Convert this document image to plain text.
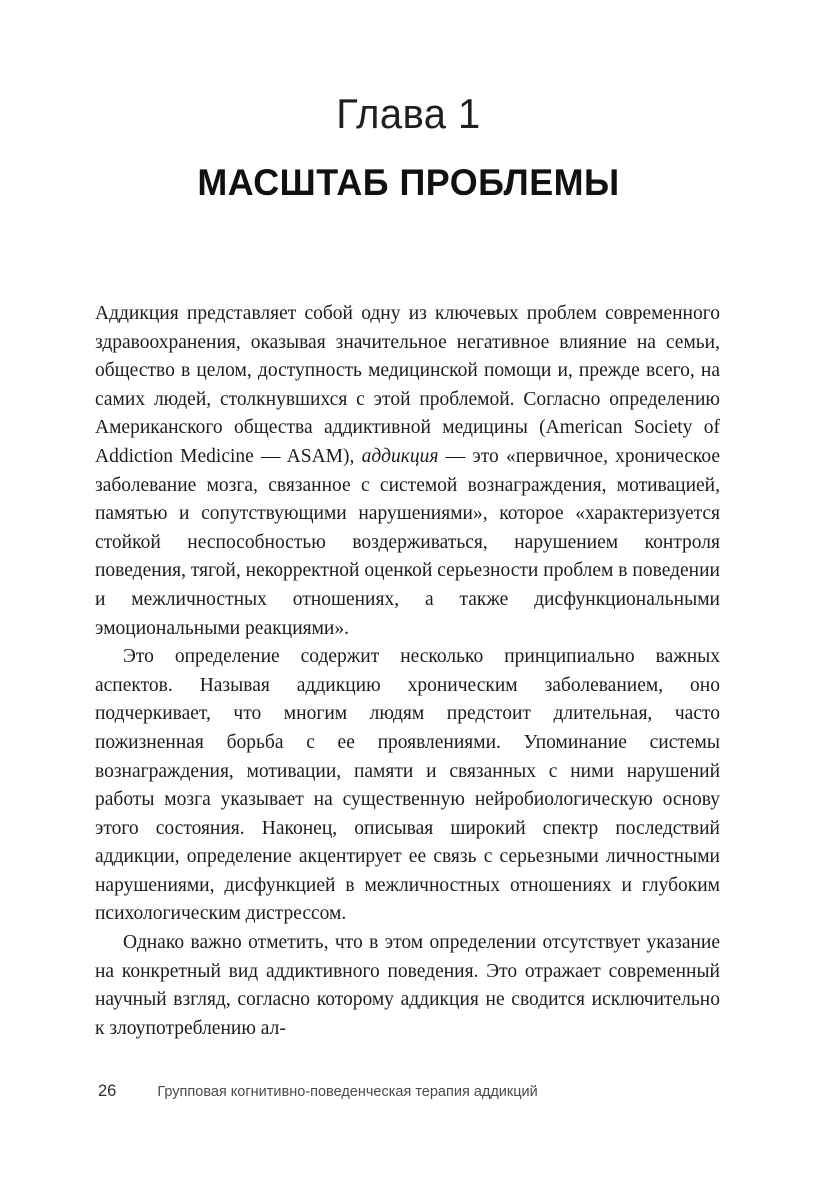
Глава 1
МАСШТАБ ПРОБЛЕМЫ

Аддикция представляет собой одну из ключевых проблем современного здравоохранения, оказывая значительное негативное влияние на семьи, общество в целом, доступность медицинской помощи и, прежде всего, на самих людей, столкнувшихся с этой проблемой. Согласно определению Американского общества аддиктивной медицины (American Society of Addiction Medicine — ASAM), аддикция — это «первичное, хроническое заболевание мозга, связанное с системой вознаграждения, мотивацией, памятью и сопутствующими нарушениями», которое «характеризуется стойкой неспособностью воздерживаться, нарушением контроля поведения, тягой, некорректной оценкой серьезности проблем в поведении и межличностных отношениях, а также дисфункциональными эмоциональными реакциями».

Это определение содержит несколько принципиально важных аспектов. Называя аддикцию хроническим заболеванием, оно подчеркивает, что многим людям предстоит длительная, часто пожизненная борьба с ее проявлениями. Упоминание системы вознаграждения, мотивации, памяти и связанных с ними нарушений работы мозга указывает на существенную нейробиологическую основу этого состояния. Наконец, описывая широкий спектр последствий аддикции, определение акцентирует ее связь с серьезными личностными нарушениями, дисфункцией в межличностных отношениях и глубоким психологическим дистрессом.

Однако важно отметить, что в этом определении отсутствует указание на конкретный вид аддиктивного поведения. Это отражает современный научный взгляд, согласно которому аддикция не сводится исключительно к злоупотреблению ал-

26	Групповая когнитивно-поведенческая терапия аддикций
